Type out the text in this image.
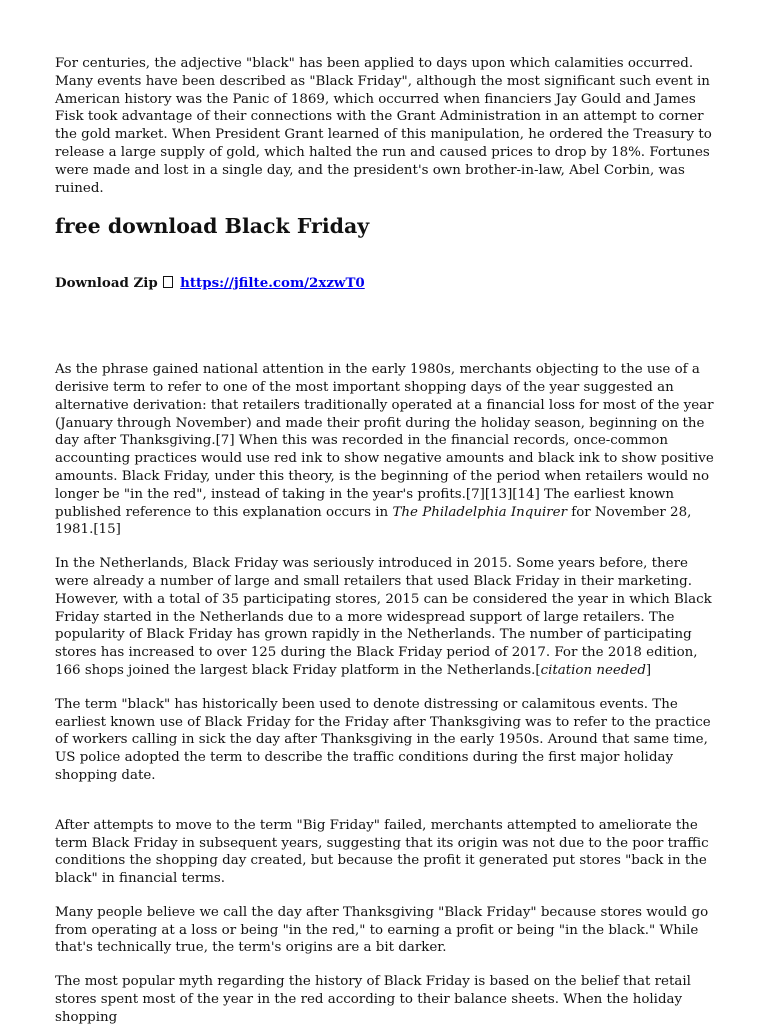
For centuries, the adjective "black" has been applied to days upon which calamities occurred. Many events have been described as "Black Friday", although the most significant such event in American history was the Panic of 1869, which occurred when financiers Jay Gould and James Fisk took advantage of their connections with the Grant Administration in an attempt to corner the gold market. When President Grant learned of this manipulation, he ordered the Treasury to release a large supply of gold, which halted the run and caused prices to drop by 18%. Fortunes were made and lost in a single day, and the president's own brother-in-law, Abel Corbin, was ruined.

free download Black Friday

Download Zip https://jfilte.com/2xzwT0

As the phrase gained national attention in the early 1980s, merchants objecting to the use of a derisive term to refer to one of the most important shopping days of the year suggested an alternative derivation: that retailers traditionally operated at a financial loss for most of the year (January through November) and made their profit during the holiday season, beginning on the day after Thanksgiving.[7] When this was recorded in the financial records, once-common accounting practices would use red ink to show negative amounts and black ink to show positive amounts. Black Friday, under this theory, is the beginning of the period when retailers would no longer be "in the red", instead of taking in the year's profits.[7][13][14] The earliest known published reference to this explanation occurs in The Philadelphia Inquirer for November 28, 1981.[15]

In the Netherlands, Black Friday was seriously introduced in 2015. Some years before, there were already a number of large and small retailers that used Black Friday in their marketing. However, with a total of 35 participating stores, 2015 can be considered the year in which Black Friday started in the Netherlands due to a more widespread support of large retailers. The popularity of Black Friday has grown rapidly in the Netherlands. The number of participating stores has increased to over 125 during the Black Friday period of 2017. For the 2018 edition, 166 shops joined the largest black Friday platform in the Netherlands.[citation needed]

The term "black" has historically been used to denote distressing or calamitous events. The earliest known use of Black Friday for the Friday after Thanksgiving was to refer to the practice of workers calling in sick the day after Thanksgiving in the early 1950s. Around that same time, US police adopted the term to describe the traffic conditions during the first major holiday shopping date.

After attempts to move to the term "Big Friday" failed, merchants attempted to ameliorate the term Black Friday in subsequent years, suggesting that its origin was not due to the poor traffic conditions the shopping day created, but because the profit it generated put stores "back in the black" in financial terms.

Many people believe we call the day after Thanksgiving "Black Friday" because stores would go from operating at a loss or being "in the red," to earning a profit or being "in the black." While that's technically true, the term's origins are a bit darker.

The most popular myth regarding the history of Black Friday is based on the belief that retail stores spent most of the year in the red according to their balance sheets. When the holiday shopping
